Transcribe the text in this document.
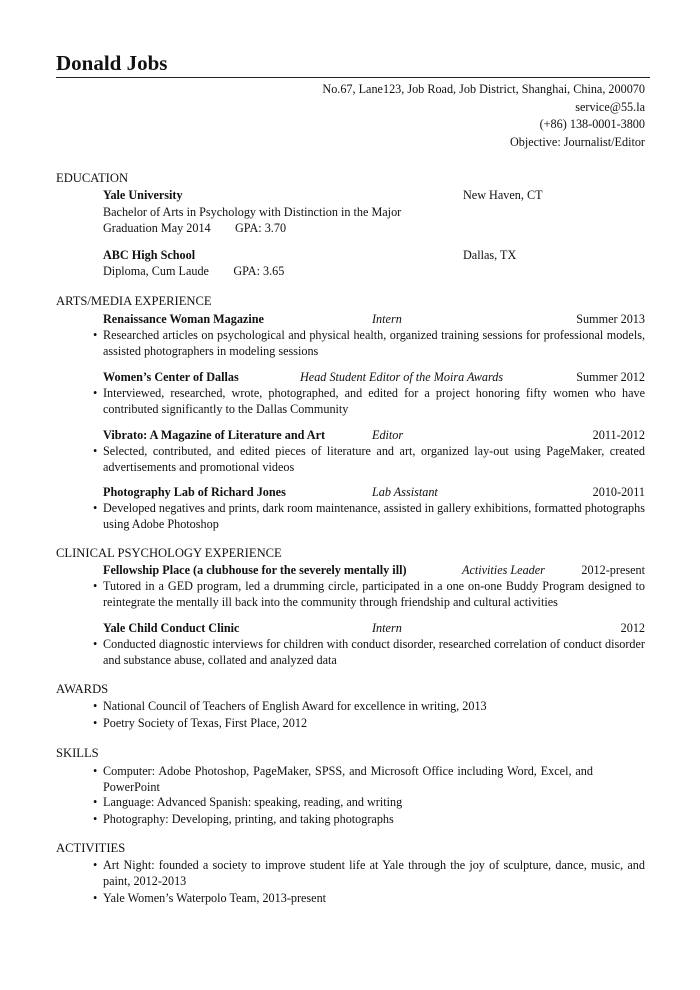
Donald Jobs
No.67, Lane123, Job Road, Job District, Shanghai, China, 200070
service@55.la
(+86) 138-0001-3800
Objective: Journalist/Editor
EDUCATION
Yale University	New Haven, CT
Bachelor of Arts in Psychology with Distinction in the Major
Graduation May 2014        GPA: 3.70
ABC High School	Dallas, TX
Diploma, Cum Laude        GPA: 3.65
ARTS/MEDIA EXPERIENCE
Renaissance Woman Magazine	Intern	Summer 2013
• Researched articles on psychological and physical health, organized training sessions for professional models, assisted photographers in modeling sessions
Women’s Center of Dallas	Head Student Editor of the Moira Awards	Summer 2012
• Interviewed, researched, wrote, photographed, and edited for a project honoring fifty women who have contributed significantly to the Dallas Community
Vibrato: A Magazine of Literature and Art	Editor	2011-2012
• Selected, contributed, and edited pieces of literature and art, organized lay-out using PageMaker, created advertisements and promotional videos
Photography Lab of Richard Jones	Lab Assistant	2010-2011
• Developed negatives and prints, dark room maintenance, assisted in gallery exhibitions, formatted photographs using Adobe Photoshop
CLINICAL PSYCHOLOGY EXPERIENCE
Fellowship Place (a clubhouse for the severely mentally ill)	Activities Leader	2012-present
• Tutored in a GED program, led a drumming circle, participated in a one on-one Buddy Program designed to reintegrate the mentally ill back into the community through friendship and cultural activities
Yale Child Conduct Clinic	Intern	2012
• Conducted diagnostic interviews for children with conduct disorder, researched correlation of conduct disorder and substance abuse, collated and analyzed data
AWARDS
• National Council of Teachers of English Award for excellence in writing, 2013
• Poetry Society of Texas, First Place, 2012
SKILLS
• Computer: Adobe Photoshop, PageMaker, SPSS, and Microsoft Office including Word, Excel, and PowerPoint
• Language: Advanced Spanish: speaking, reading, and writing
• Photography: Developing, printing, and taking photographs
ACTIVITIES
• Art Night: founded a society to improve student life at Yale through the joy of sculpture, dance, music, and paint, 2012-2013
• Yale Women’s Waterpolo Team, 2013-present
